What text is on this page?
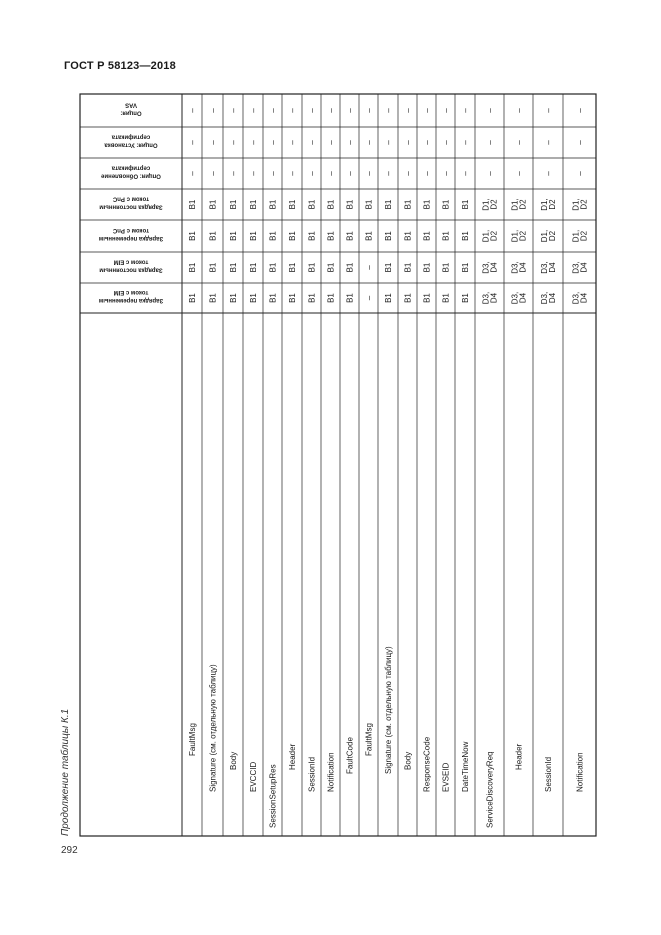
ГОСТ Р 58123—2018
Продолжение таблицы К.1
292
Опция:VAS
Опция: Установкасертификата
Опция: Обновлениесертификата
Зарядка постояннымтоком с PnC
Зарядка переменнымтоком с PnC
Зарядка постояннымтоком с EIM
Зарядка переменнымтоком с EIM
FaultMsg
–
–
–
B1
B1
B1
B1
Signature (см. отдельную таблицу)
–
–
–
B1
B1
B1
B1
Body
–
–
–
B1
B1
B1
B1
EVCCID
–
–
–
B1
B1
B1
B1
SessionSetupRes
–
–
–
B1
B1
B1
B1
Header
–
–
–
B1
B1
B1
B1
SessionId
–
–
–
B1
B1
B1
B1
Notification
–
–
–
B1
B1
B1
B1
FaultCode
–
–
–
B1
B1
B1
B1
FaultMsg
–
–
–
B1
B1
–
–
Signature (см. отдельную таблицу)
–
–
–
B1
B1
B1
B1
Body
–
–
–
B1
B1
B1
B1
ResponseCode
–
–
–
B1
B1
B1
B1
EVSEID
–
–
–
B1
B1
B1
B1
DateTimeNow
–
–
–
B1
B1
B1
B1
ServiceDiscoveryReq
–
–
–
D1, D2
D1, D2
D3, D4
D3, D4
Header
–
–
–
D1, D2
D1, D2
D3, D4
D3, D4
SessionId
–
–
–
D1, D2
D1, D2
D3, D4
D3, D4
Notification
–
–
–
D1, D2
D1, D2
D3, D4
D3, D4
